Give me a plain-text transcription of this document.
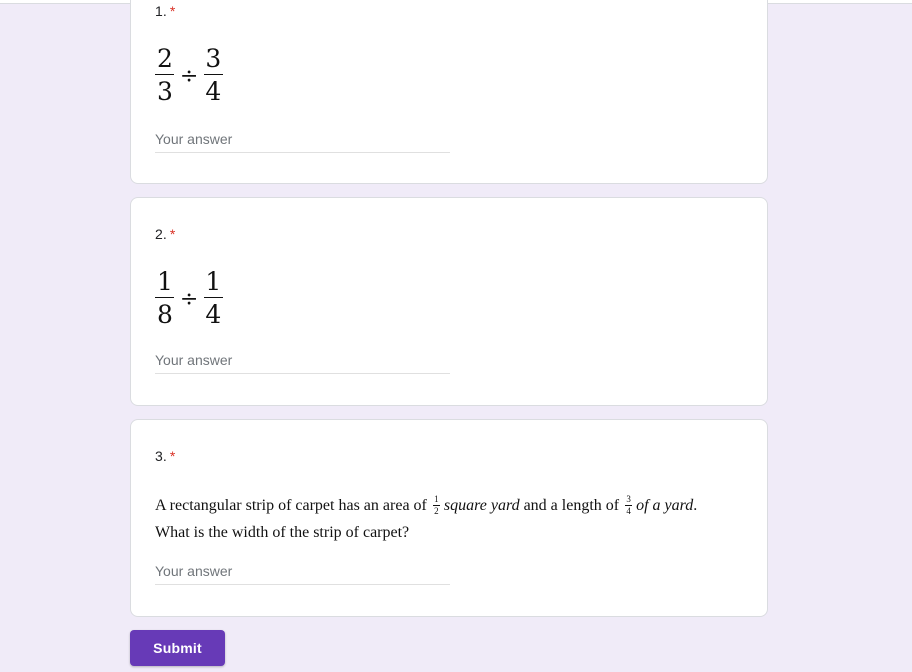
1. *
$\frac{2}{3} \div \frac{3}{4}$
Your answer
2. *
$\frac{1}{8} \div \frac{1}{4}$
Your answer
3. *
A rectangular strip of carpet has an area of $\frac{1}{2}$ square yard and a length of $\frac{3}{4}$ of a yard.
What is the width of the strip of carpet?
Your answer
Submit
